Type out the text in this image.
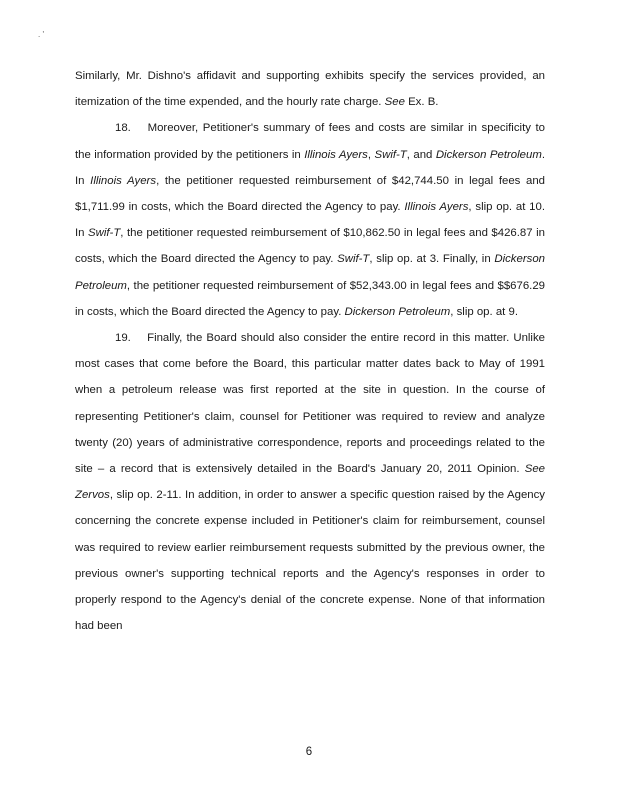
. '

Similarly, Mr. Dishno's affidavit and supporting exhibits specify the services provided, an itemization of the time expended, and the hourly rate charge. See Ex. B.

18. Moreover, Petitioner's summary of fees and costs are similar in specificity to the information provided by the petitioners in Illinois Ayers, Swif-T, and Dickerson Petroleum. In Illinois Ayers, the petitioner requested reimbursement of $42,744.50 in legal fees and $1,711.99 in costs, which the Board directed the Agency to pay. Illinois Ayers, slip op. at 10. In Swif-T, the petitioner requested reimbursement of $10,862.50 in legal fees and $426.87 in costs, which the Board directed the Agency to pay. Swif-T, slip op. at 3. Finally, in Dickerson Petroleum, the petitioner requested reimbursement of $52,343.00 in legal fees and $$676.29 in costs, which the Board directed the Agency to pay. Dickerson Petroleum, slip op. at 9.

19. Finally, the Board should also consider the entire record in this matter. Unlike most cases that come before the Board, this particular matter dates back to May of 1991 when a petroleum release was first reported at the site in question. In the course of representing Petitioner's claim, counsel for Petitioner was required to review and analyze twenty (20) years of administrative correspondence, reports and proceedings related to the site – a record that is extensively detailed in the Board's January 20, 2011 Opinion. See Zervos, slip op. 2-11. In addition, in order to answer a specific question raised by the Agency concerning the concrete expense included in Petitioner's claim for reimbursement, counsel was required to review earlier reimbursement requests submitted by the previous owner, the previous owner's supporting technical reports and the Agency's responses in order to properly respond to the Agency's denial of the concrete expense. None of that information had been

6
